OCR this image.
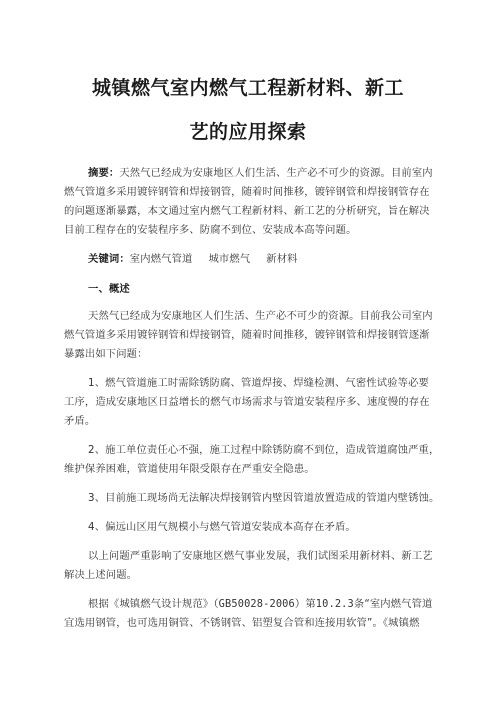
城镇燃气室内燃气工程新材料、新工
艺的应用探索
摘要：天然气已经成为安康地区人们生活、生产必不可少的资源。目前室内
燃气管道多采用镀锌钢管和焊接钢管，随着时间推移，镀锌钢管和焊接钢管存在
的问题逐渐暴露，本文通过室内燃气工程新材料、新工艺的分析研究，旨在解决
目前工程存在的安装程序多、防腐不到位、安装成本高等问题。
关键词：室内燃气管道 城市燃气 新材料
一、概述
天然气已经成为安康地区人们生活、生产必不可少的资源。目前我公司室内
燃气管道多采用镀锌钢管和焊接钢管，随着时间推移，镀锌钢管和焊接钢管逐渐
暴露出如下问题：
1、燃气管道施工时需除锈防腐、管道焊接、焊缝检测、气密性试验等必要
工序，造成安康地区日益增长的燃气市场需求与管道安装程序多、速度慢的存在
矛盾。
2、施工单位责任心不强，施工过程中除锈防腐不到位，造成管道腐蚀严重，
维护保养困难，管道使用年限受限存在严重安全隐患。
3、目前施工现场尚无法解决焊接钢管内壁因管道放置造成的管道内壁锈蚀。
4、偏远山区用气规模小与燃气管道安装成本高存在矛盾。
以上问题严重影响了安康地区燃气事业发展，我们试图采用新材料、新工艺
解决上述问题。
根据《城镇燃气设计规范》（GB50028-2006）第10.2.3条“室内燃气管道
宜选用钢管，也可选用铜管、不锈钢管、铝塑复合管和连接用软管”。《城镇燃
